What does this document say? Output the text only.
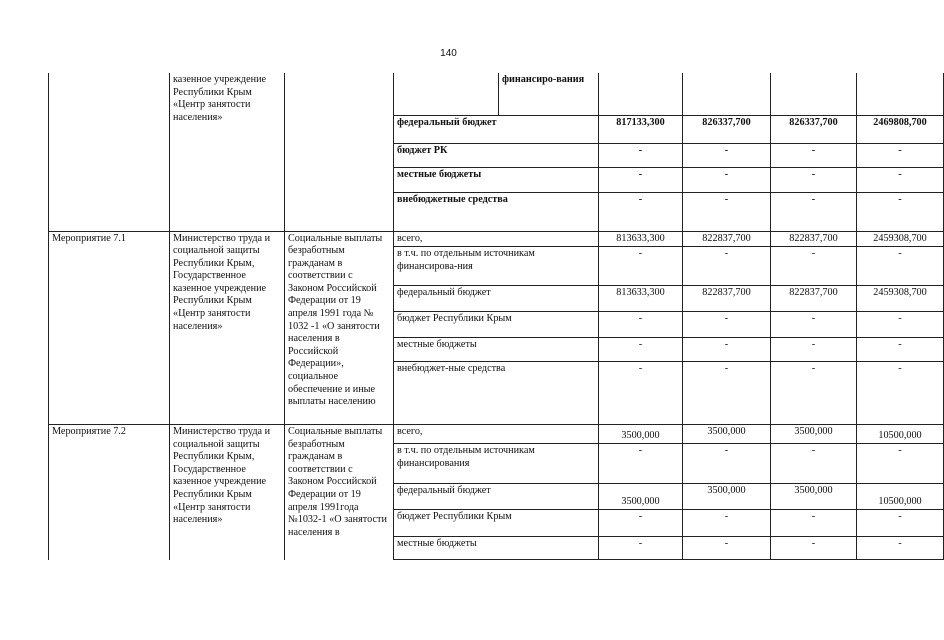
140
	казенное учреждение Республики Крым «Центр занятости населения»			финансиро-вания				
			федеральный бюджет		817133,300	826337,700	826337,700	2469808,700
			бюджет РК		-	-	-	-
			местные бюджеты		-	-	-	-
			внебюджетные средства		-	-	-	-
Мероприятие 7.1	Министерство труда и социальной защиты Республики Крым, Государственное казенное учреждение Республики Крым «Центр занятости населения»	Социальные выплаты безработным гражданам в соответствии с Законом Российской Федерации от 19 апреля 1991 года № 1032 -1 «О занятости населения в Российской Федерации», социальное обеспечение и иные выплаты населению	всего,		813633,300	822837,700	822837,700	2459308,700
			в т.ч. по отдельным источникам финансирова-ния		-	-	-	-
			федеральный бюджет		813633,300	822837,700	822837,700	2459308,700
			бюджет Республики Крым		-	-	-	-
			местные бюджеты		-	-	-	-
			внебюджет-ные средства		-	-	-	-
Мероприятие 7.2	Министерство труда и социальной защиты Республики Крым, Государственное казенное учреждение Республики Крым «Центр занятости населения»	Социальные выплаты безработным гражданам в соответствии с Законом Российской Федерации от 19 апреля 1991года №1032-1 «О занятости населения в	всего,		3500,000	3500,000	3500,000	10500,000
			в т.ч. по отдельным источникам финансирования		-	-	-	-
			федеральный бюджет		3500,000	3500,000	3500,000	10500,000
			бюджет Республики Крым		-	-	-	-
			местные бюджеты		-	-	-	-
